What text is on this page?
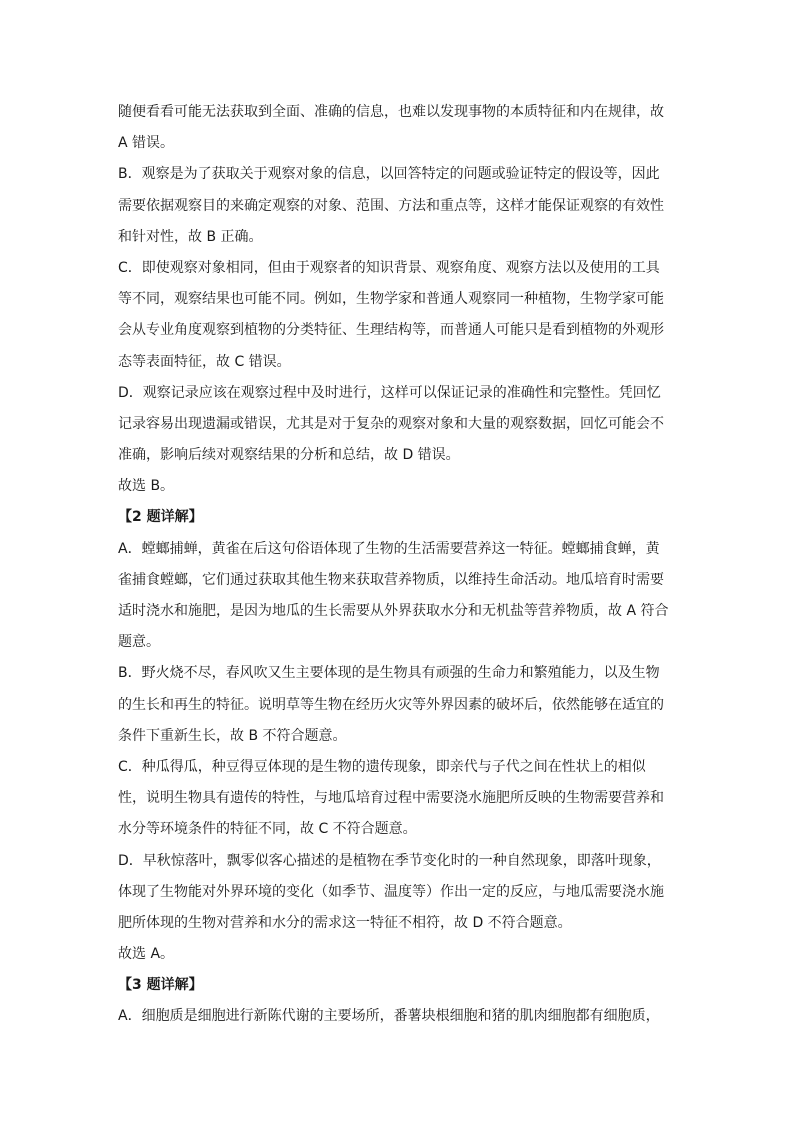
随便看看可能无法获取到全面、准确的信息，也难以发现事物的本质特征和内在规律，故
A 错误。
B．观察是为了获取关于观察对象的信息，以回答特定的问题或验证特定的假设等，因此
需要依据观察目的来确定观察的对象、范围、方法和重点等，这样才能保证观察的有效性
和针对性，故 B 正确。
C．即使观察对象相同，但由于观察者的知识背景、观察角度、观察方法以及使用的工具
等不同，观察结果也可能不同。例如，生物学家和普通人观察同一种植物，生物学家可能
会从专业角度观察到植物的分类特征、生理结构等，而普通人可能只是看到植物的外观形
态等表面特征，故 C 错误。
D．观察记录应该在观察过程中及时进行，这样可以保证记录的准确性和完整性。凭回忆
记录容易出现遗漏或错误，尤其是对于复杂的观察对象和大量的观察数据，回忆可能会不
准确，影响后续对观察结果的分析和总结，故 D 错误。
故选 B。
【2 题详解】
A．螳螂捕蝉，黄雀在后这句俗语体现了生物的生活需要营养这一特征。螳螂捕食蝉，黄
雀捕食螳螂，它们通过获取其他生物来获取营养物质，以维持生命活动。地瓜培育时需要
适时浇水和施肥，是因为地瓜的生长需要从外界获取水分和无机盐等营养物质，故 A 符合
题意。
B．野火烧不尽，春风吹又生主要体现的是生物具有顽强的生命力和繁殖能力，以及生物
的生长和再生的特征。说明草等生物在经历火灾等外界因素的破坏后，依然能够在适宜的
条件下重新生长，故 B 不符合题意。
C．种瓜得瓜，种豆得豆体现的是生物的遗传现象，即亲代与子代之间在性状上的相似
性，说明生物具有遗传的特性，与地瓜培育过程中需要浇水施肥所反映的生物需要营养和
水分等环境条件的特征不同，故 C 不符合题意。
D．早秋惊落叶，飘零似客心描述的是植物在季节变化时的一种自然现象，即落叶现象，
体现了生物能对外界环境的变化（如季节、温度等）作出一定的反应，与地瓜需要浇水施
肥所体现的生物对营养和水分的需求这一特征不相符，故 D 不符合题意。
故选 A。
【3 题详解】
A．细胞质是细胞进行新陈代谢的主要场所，番薯块根细胞和猪的肌肉细胞都有细胞质，
